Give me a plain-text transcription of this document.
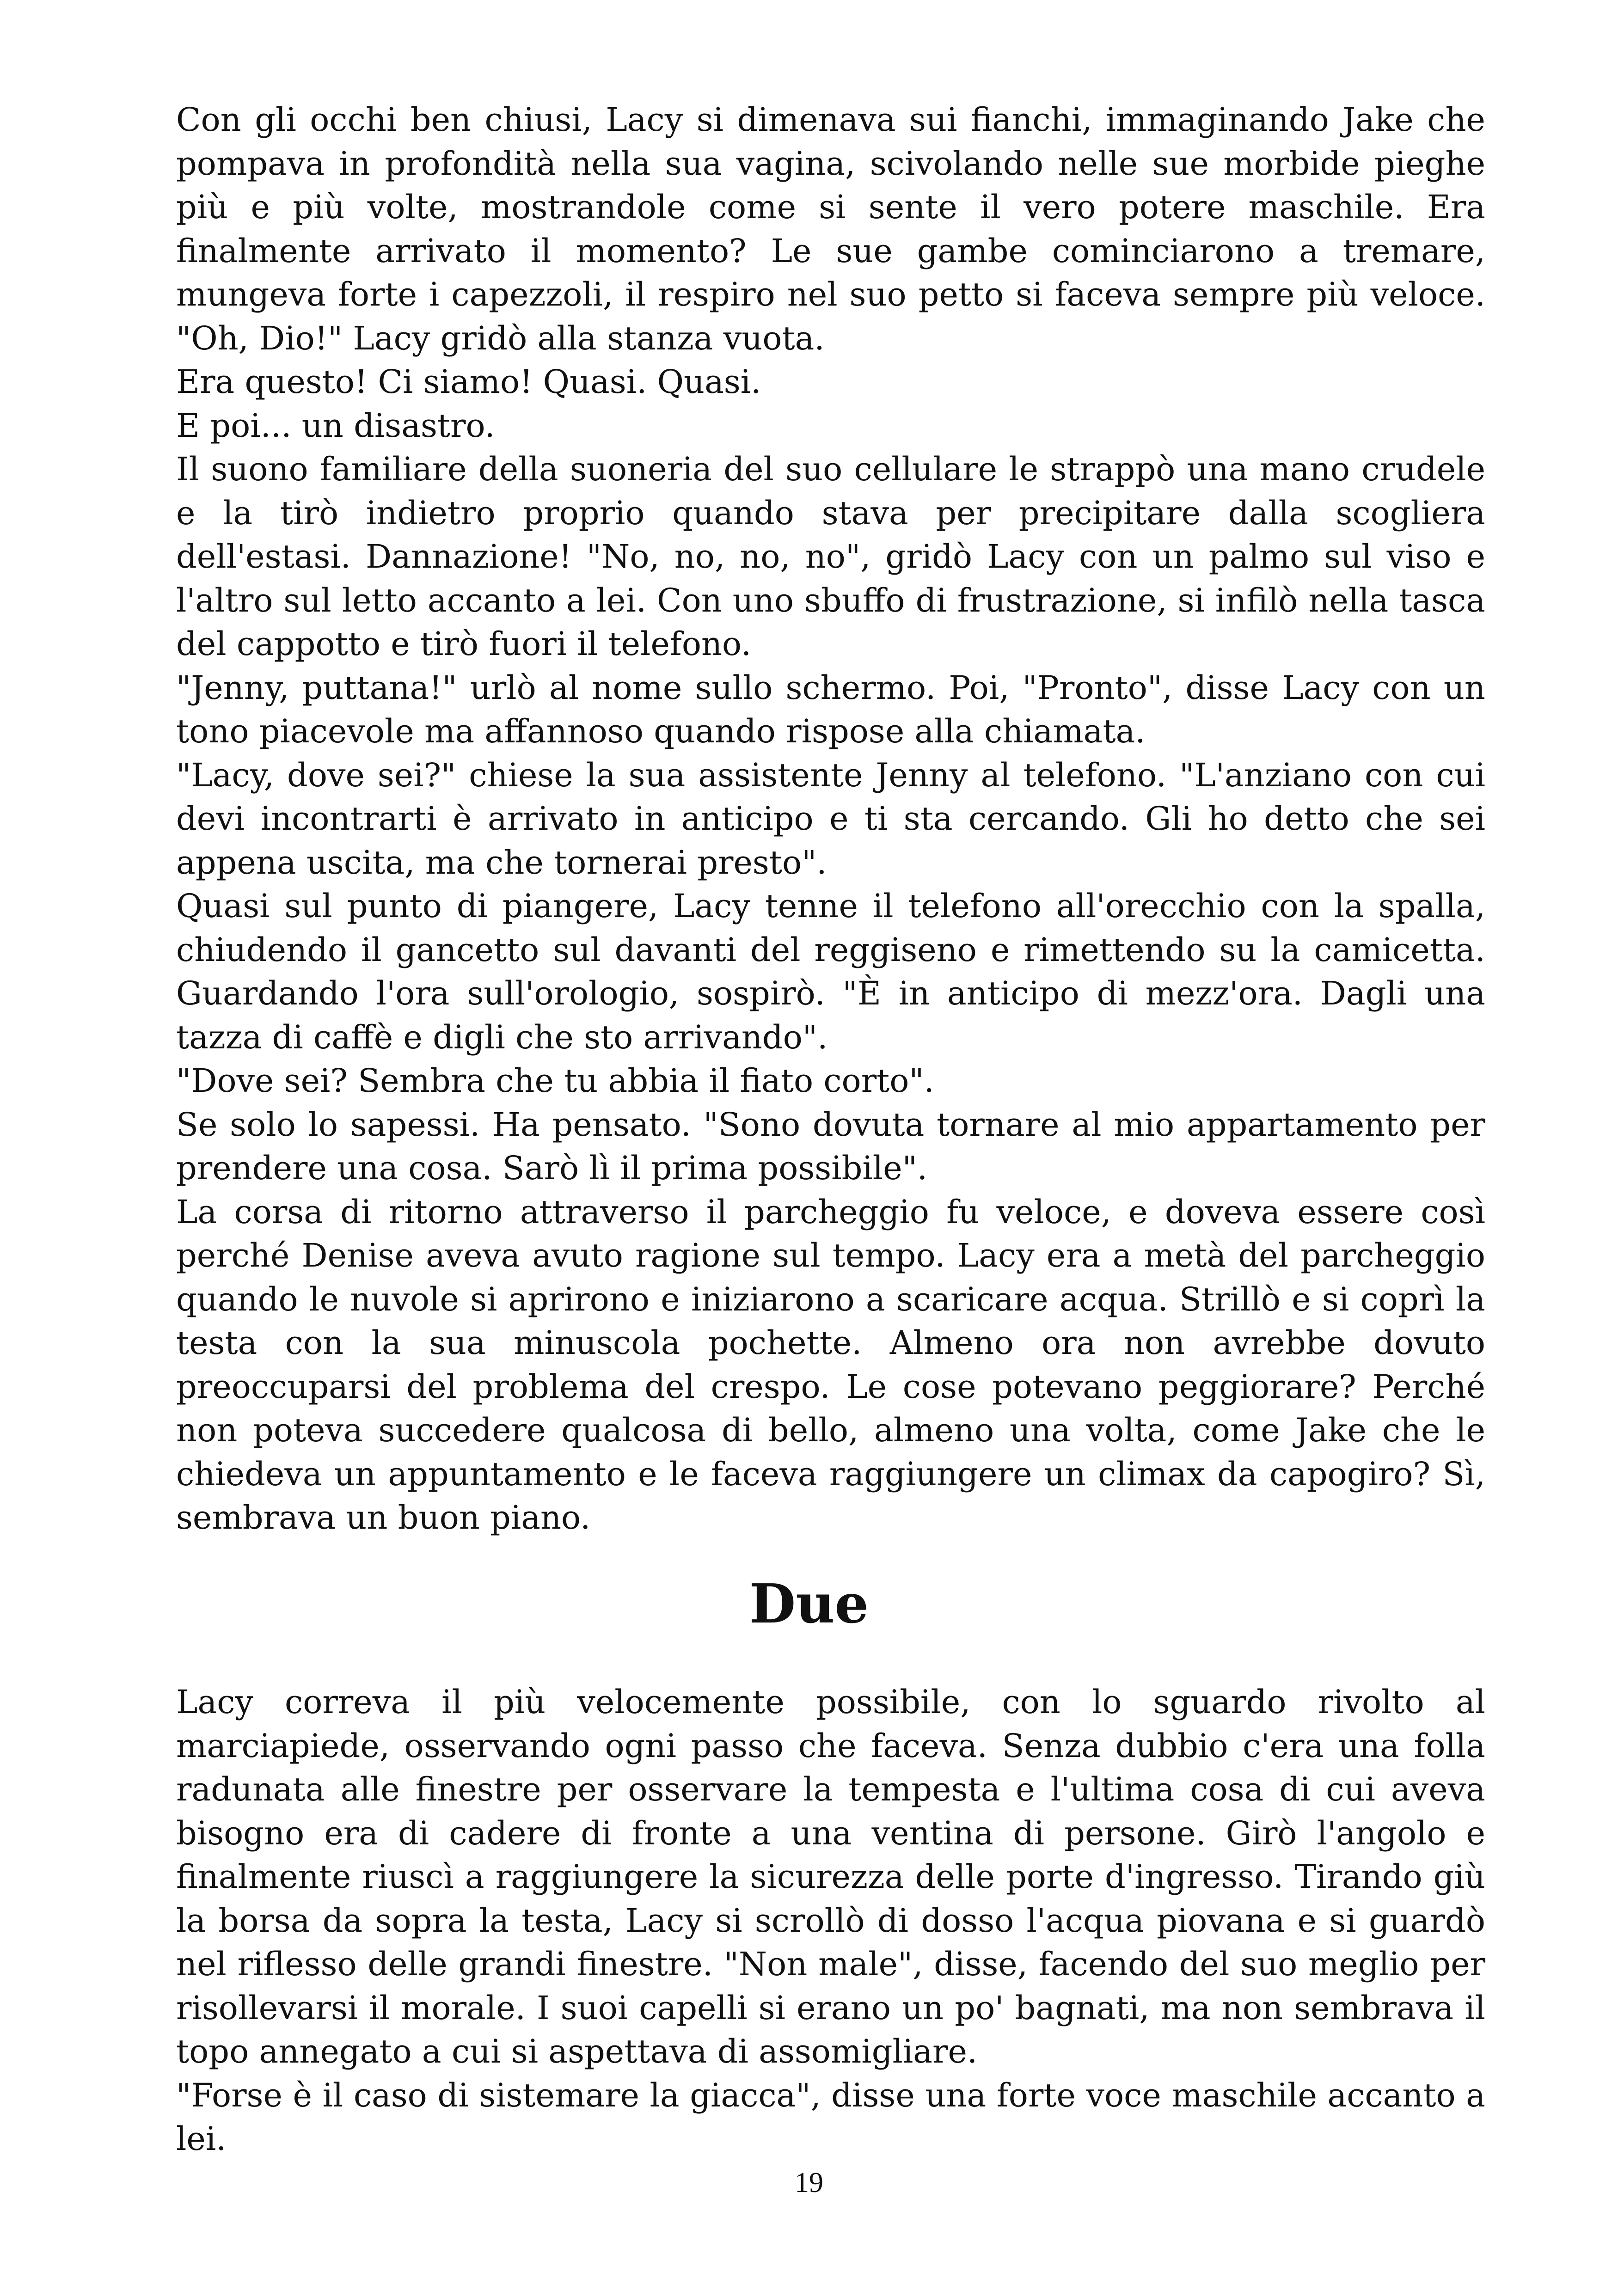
Con gli occhi ben chiusi, Lacy si dimenava sui fianchi, immaginando Jake che pompava in profondità nella sua vagina, scivolando nelle sue morbide pieghe più e più volte, mostrandole come si sente il vero potere maschile. Era finalmente arrivato il momento? Le sue gambe cominciarono a tremare, mungeva forte i capezzoli, il respiro nel suo petto si faceva sempre più veloce. "Oh, Dio!" Lacy gridò alla stanza vuota.

Era questo! Ci siamo! Quasi. Quasi.

E poi... un disastro.

Il suono familiare della suoneria del suo cellulare le strappò una mano crudele e la tirò indietro proprio quando stava per precipitare dalla scogliera dell'estasi. Dannazione! "No, no, no, no", gridò Lacy con un palmo sul viso e l'altro sul letto accanto a lei. Con uno sbuffo di frustrazione, si infilò nella tasca del cappotto e tirò fuori il telefono.

"Jenny, puttana!" urlò al nome sullo schermo. Poi, "Pronto", disse Lacy con un tono piacevole ma affannoso quando rispose alla chiamata.

"Lacy, dove sei?" chiese la sua assistente Jenny al telefono. "L'anziano con cui devi incontrarti è arrivato in anticipo e ti sta cercando. Gli ho detto che sei appena uscita, ma che tornerai presto".

Quasi sul punto di piangere, Lacy tenne il telefono all'orecchio con la spalla, chiudendo il gancetto sul davanti del reggiseno e rimettendo su la camicetta. Guardando l'ora sull'orologio, sospirò. "È in anticipo di mezz'ora. Dagli una tazza di caffè e digli che sto arrivando".

"Dove sei? Sembra che tu abbia il fiato corto".

Se solo lo sapessi. Ha pensato. "Sono dovuta tornare al mio appartamento per prendere una cosa. Sarò lì il prima possibile".

La corsa di ritorno attraverso il parcheggio fu veloce, e doveva essere così perché Denise aveva avuto ragione sul tempo. Lacy era a metà del parcheggio quando le nuvole si aprirono e iniziarono a scaricare acqua. Strillò e si coprì la testa con la sua minuscola pochette. Almeno ora non avrebbe dovuto preoccuparsi del problema del crespo. Le cose potevano peggiorare? Perché non poteva succedere qualcosa di bello, almeno una volta, come Jake che le chiedeva un appuntamento e le faceva raggiungere un climax da capogiro? Sì, sembrava un buon piano.

Due

Lacy correva il più velocemente possibile, con lo sguardo rivolto al marciapiede, osservando ogni passo che faceva. Senza dubbio c'era una folla radunata alle finestre per osservare la tempesta e l'ultima cosa di cui aveva bisogno era di cadere di fronte a una ventina di persone. Girò l'angolo e finalmente riuscì a raggiungere la sicurezza delle porte d'ingresso. Tirando giù la borsa da sopra la testa, Lacy si scrollò di dosso l'acqua piovana e si guardò nel riflesso delle grandi finestre. "Non male", disse, facendo del suo meglio per risollevarsi il morale. I suoi capelli si erano un po' bagnati, ma non sembrava il topo annegato a cui si aspettava di assomigliare.

"Forse è il caso di sistemare la giacca", disse una forte voce maschile accanto a lei.

19
